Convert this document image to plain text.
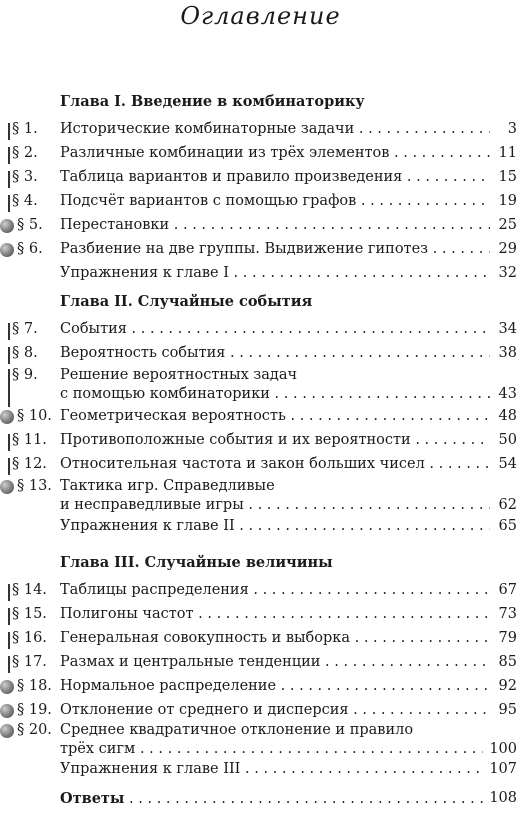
Оглавление
Глава I. Введение в комбинаторику
§ 1. Исторические комбинаторные задачи . . .	3
§ 2. Различные комбинации из трёх элементов . . .	11
§ 3. Таблица вариантов и правило произведения . . .	15
§ 4. Подсчёт вариантов с помощью графов . . .	19
§ 5. Перестановки . . .	25
§ 6. Разбиение на две группы. Выдвижение гипотез . . .	29
Упражнения к главе I . . .	32
Глава II. Случайные события
§ 7. События . . .	34
§ 8. Вероятность события . . .	38
§ 9. Решение вероятностных задач
с помощью комбинаторики . . .	43
§ 10. Геометрическая вероятность . . .	48
§ 11. Противоположные события и их вероятности . . .	50
§ 12. Относительная частота и закон больших чисел . . .	54
§ 13. Тактика игр. Справедливые
и несправедливые игры . . .	62
Упражнения к главе II . . .	65
Глава III. Случайные величины
§ 14. Таблицы распределения . . .	67
§ 15. Полигоны частот . . .	73
§ 16. Генеральная совокупность и выборка . . .	79
§ 17. Размах и центральные тенденции . . .	85
§ 18. Нормальное распределение . . .	92
§ 19. Отклонение от среднего и дисперсия . . .	95
§ 20. Среднее квадратичное отклонение и правило
трёх сигм . . .	100
Упражнения к главе III . . .	107
Ответы . . .	108
